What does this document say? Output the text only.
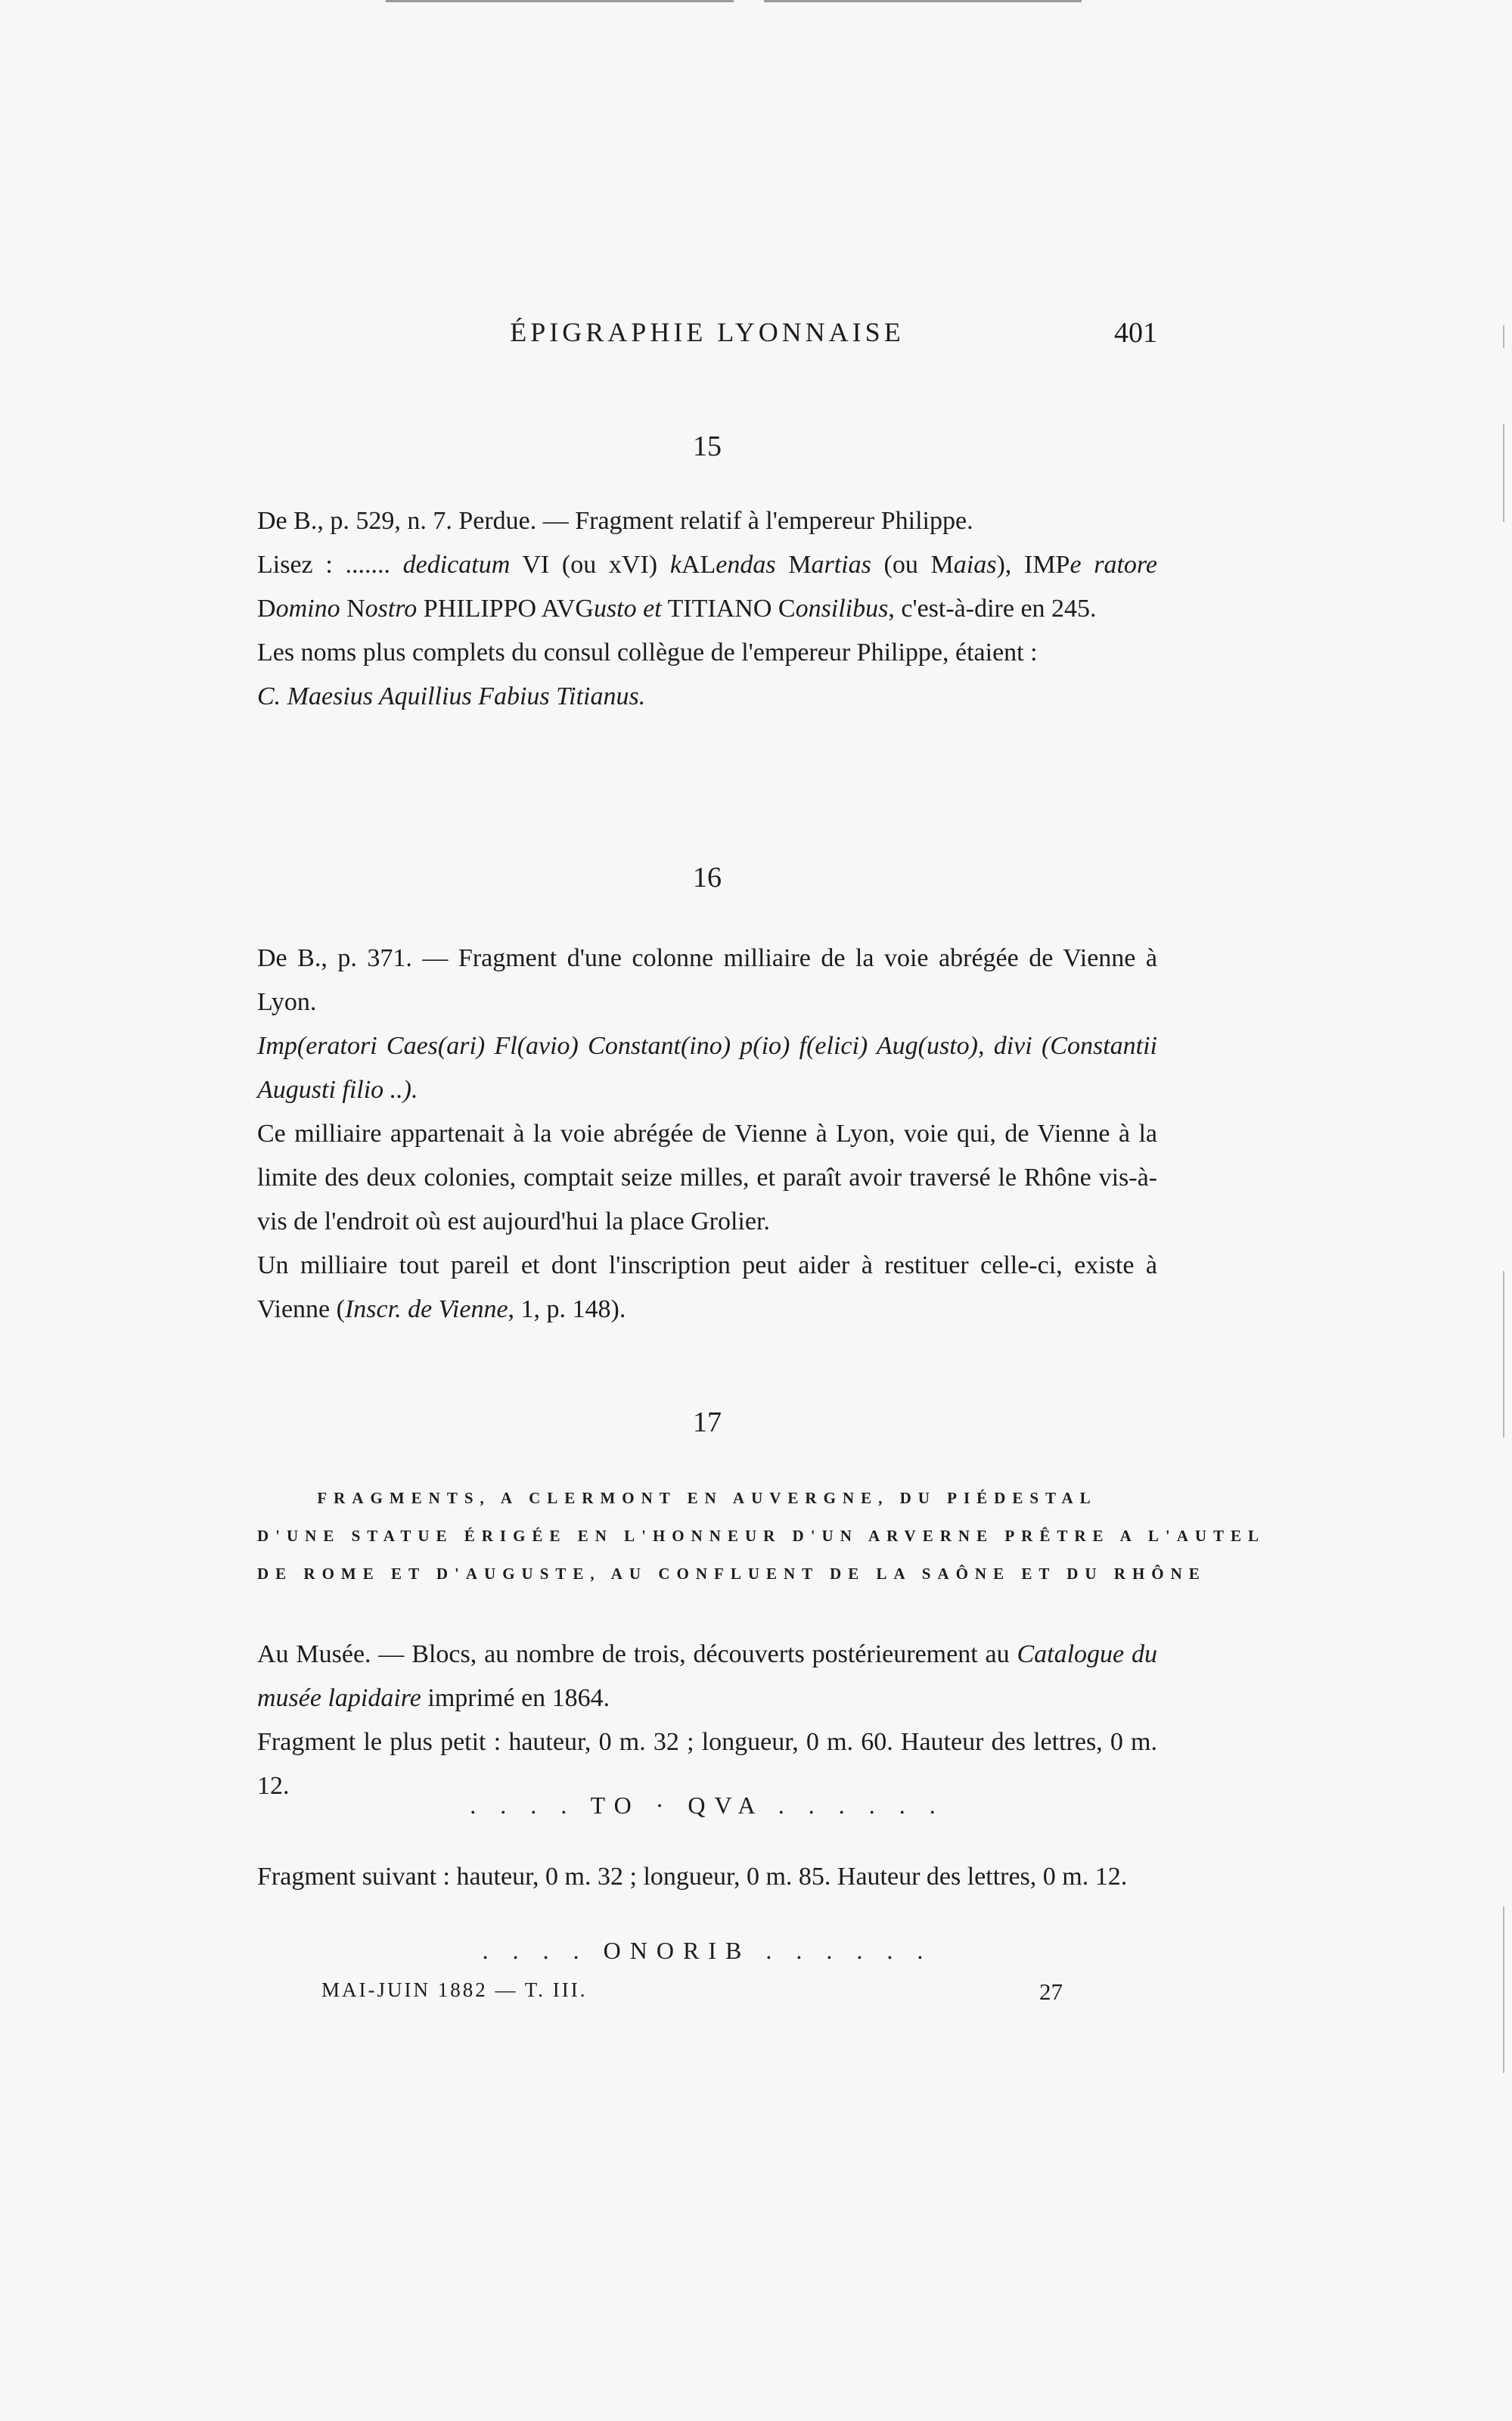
ÉPIGRAPHIE LYONNAISE	401
15

De B., p. 529, n. 7. Perdue. — Fragment relatif à l'empereur Philippe.

Lisez : ....... dedicatum VI (ou xVI) kALendas Martias (ou Maias), IMPe ratore Domino Nostro PHILIPPO AVGusto et TITIANO Consilibus, c'est-à-dire en 245.

Les noms plus complets du consul collègue de l'empereur Philippe, étaient :

C. Maesius Aquillius Fabius Titianus.

16

De B., p. 371. — Fragment d'une colonne milliaire de la voie abrégée de Vienne à Lyon.

Imp(eratori Caes(ari) Fl(avio) Constant(ino) p(io) f(elici) Aug(usto), divi (Constantii Augusti filio ..).

Ce milliaire appartenait à la voie abrégée de Vienne à Lyon, voie qui, de Vienne à la limite des deux colonies, comptait seize milles, et paraît avoir traversé le Rhône vis-à-vis de l'endroit où est aujourd'hui la place Grolier.

Un milliaire tout pareil et dont l'inscription peut aider à restituer celle-ci, existe à Vienne (Inscr. de Vienne, 1, p. 148).

17
FRAGMENTS, A CLERMONT EN AUVERGNE, DU PIÉDESTAL
D'UNE STATUE ÉRIGÉE EN L'HONNEUR D'UN ARVERNE PRÊTRE A L'AUTEL
DE ROME ET D'AUGUSTE, AU CONFLUENT DE LA SAÔNE ET DU RHÔNE

Au Musée. — Blocs, au nombre de trois, découverts postérieurement au Catalogue du musée lapidaire imprimé en 1864.

Fragment le plus petit : hauteur, 0 m. 32 ; longueur, 0 m. 60. Hauteur des lettres, 0 m. 12.

. . . . TO · QVA . . . . . .

Fragment suivant : hauteur, 0 m. 32 ; longueur, 0 m. 85. Hauteur des lettres, 0 m. 12.

. . . . ONORIB . . . . . .
MAI-JUIN 1882 — T. III.	27
